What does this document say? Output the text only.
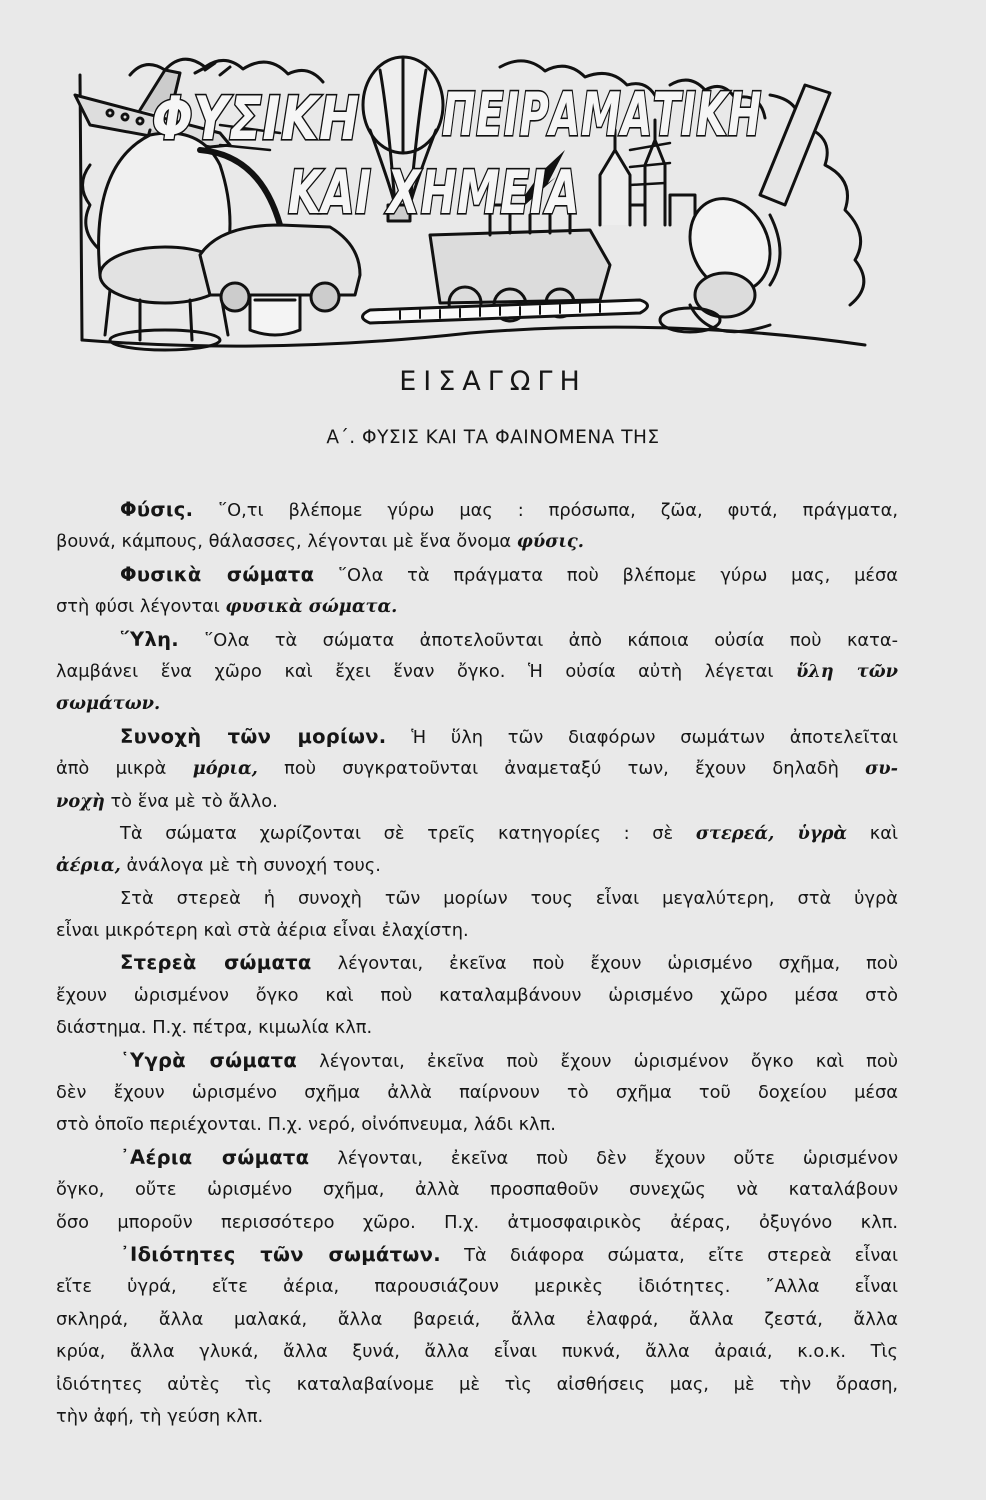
ΦΥΣΙΚΗ ΠΕΙΡΑΜΑΤΙΚΗ
ΚΑΙ ΧΗΜΕΙΑ
ΕΙΣΑΓΩΓΗ
Α΄. ΦΥΣΙΣ ΚΑΙ ΤΑ ΦΑΙΝΟΜΕΝΑ ΤΗΣ
Φύσις. ῞Ο,τι βλέπομε γύρω μας : πρόσωπα, ζῶα, φυτά, πράγματα,
βουνά, κάμπους, θάλασσες, λέγονται μὲ ἕνα ὄνομα φύσις.
Φυσικὰ σώματα ῞Ολα τὰ πράγματα ποὺ βλέπομε γύρω μας, μέσα
στὴ φύσι λέγονται φυσικὰ σώματα.
῞Υλη. ῞Ολα τὰ σώματα ἀποτελοῦνται ἀπὸ κάποια οὐσία ποὺ κατα-
λαμβάνει ἕνα χῶρο καὶ ἔχει ἕναν ὄγκο. Ἡ οὐσία αὐτὴ λέγεται ὕλη τῶν
σωμάτων.
Συνοχὴ τῶν μορίων. Ἡ ὕλη τῶν διαφόρων σωμάτων ἀποτελεῖται
ἀπὸ μικρὰ μόρια, ποὺ συγκρατοῦνται ἀναμεταξύ των, ἔχουν δηλαδὴ συ-
νοχὴ τὸ ἕνα μὲ τὸ ἄλλο.
Τὰ σώματα χωρίζονται σὲ τρεῖς κατηγορίες : σὲ στερεά, ὑγρὰ καὶ
ἀέρια, ἀνάλογα μὲ τὴ συνοχή τους.
Στὰ στερεὰ ἡ συνοχὴ τῶν μορίων τους εἶναι μεγαλύτερη, στὰ ὑγρὰ
εἶναι μικρότερη καὶ στὰ ἀέρια εἶναι ἐλαχίστη.
Στερεὰ σώματα λέγονται, ἐκεῖνα ποὺ ἔχουν ὡρισμένο σχῆμα, ποὺ
ἔχουν ὡρισμένον ὄγκο καὶ ποὺ καταλαμβάνουν ὡρισμένο χῶρο μέσα στὸ
διάστημα. Π.χ. πέτρα, κιμωλία κλπ.
῾Υγρὰ σώματα λέγονται, ἐκεῖνα ποὺ ἔχουν ὡρισμένον ὄγκο καὶ ποὺ
δὲν ἔχουν ὡρισμένο σχῆμα ἀλλὰ παίρνουν τὸ σχῆμα τοῦ δοχείου μέσα
στὸ ὁποῖο περιέχονται. Π.χ. νερό, οἰνόπνευμα, λάδι κλπ.
᾽Αέρια σώματα λέγονται, ἐκεῖνα ποὺ δὲν ἔχουν οὔτε ὡρισμένον
ὄγκο, οὔτε ὡρισμένο σχῆμα, ἀλλὰ προσπαθοῦν συνεχῶς νὰ καταλάβουν
ὅσο μποροῦν περισσότερο χῶρο. Π.χ. ἀτμοσφαιρικὸς ἀέρας, ὀξυγόνο κλπ.
᾽Ιδιότητες τῶν σωμάτων. Τὰ διάφορα σώματα, εἴτε στερεὰ εἶναι
εἴτε ὑγρά, εἴτε ἀέρια, παρουσιάζουν μερικὲς ἰδιότητες. ῎Αλλα εἶναι
σκληρά, ἄλλα μαλακά, ἄλλα βαρειά, ἄλλα ἐλαφρά, ἄλλα ζεστά, ἄλλα
κρύα, ἄλλα γλυκά, ἄλλα ξυνά, ἄλλα εἶναι πυκνά, ἄλλα ἀραιά, κ.ο.κ. Τὶς
ἰδιότητες αὐτὲς τὶς καταλαβαίνομε μὲ τὶς αἰσθήσεις μας, μὲ τὴν ὄραση,
τὴν ἀφή, τὴ γεύση κλπ.
